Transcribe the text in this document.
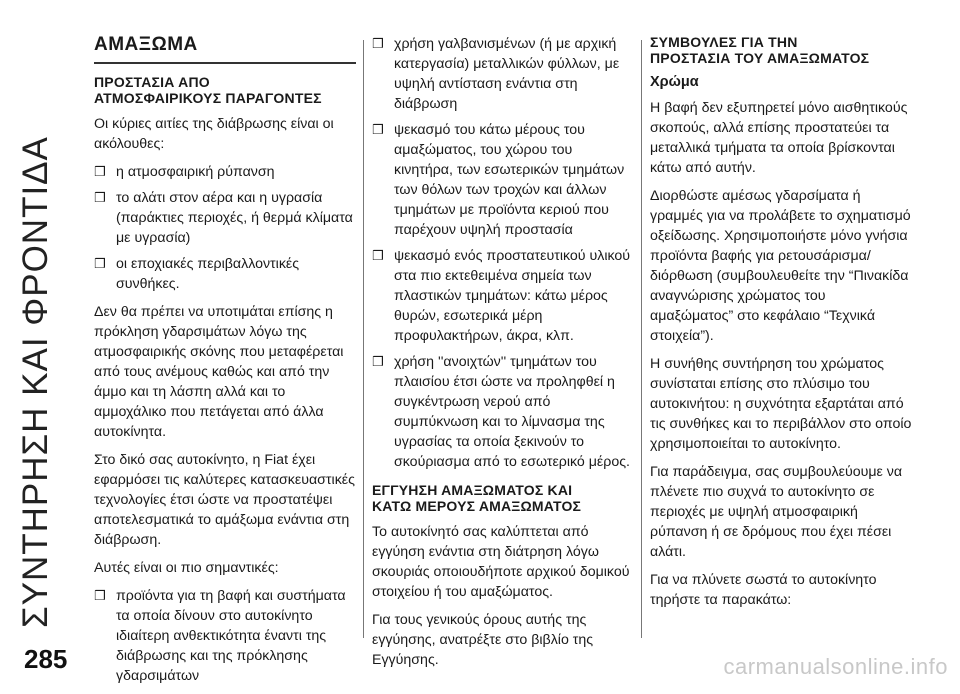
ΣΥΝΤΗΡΗΣΗ ΚΑΙ ΦΡΟΝΤΙΔΑ
285	carmanualsonline.info
ΑΜΑΞΩΜΑ
ΠΡΟΣΤΑΣΙΑ ΑΠΟ
ΑΤΜΟΣΦΑΙΡΙΚΟΥΣ ΠΑΡΑΓΟΝΤΕΣ

Οι κύριες αιτίες της διάβρωσης είναι οι ακόλουθες:

❒ η ατμοσφαιρική ρύπανση
❒ το αλάτι στον αέρα και η υγρασία (παράκτιες περιοχές, ή θερμά κλίματα με υγρασία)
❒ οι εποχιακές περιβαλλοντικές συνθήκες.

Δεν θα πρέπει να υποτιμάται επίσης η πρόκληση γδαρσιμάτων λόγω της ατμοσφαιρικής σκόνης που μεταφέρεται από τους ανέμους καθώς και από την άμμο και τη λάσπη αλλά και το αμμοχάλικο που πετάγεται από άλλα αυτοκίνητα.

Στο δικό σας αυτοκίνητο, η Fiat έχει εφαρμόσει τις καλύτερες κατασκευαστικές τεχνολογίες έτσι ώστε να προστατέψει αποτελεσματικά το αμάξωμα ενάντια στη διάβρωση.

Αυτές είναι οι πιο σημαντικές:

❒ προϊόντα για τη βαφή και συστήματα τα οποία δίνουν στο αυτοκίνητο ιδιαίτερη ανθεκτικότητα έναντι της διάβρωσης και της πρόκλησης γδαρσιμάτων
❒ χρήση γαλβανισμένων (ή με αρχική κατεργασία) μεταλλικών φύλλων, με υψηλή αντίσταση ενάντια στη διάβρωση
❒ ψεκασμό του κάτω μέρους του αμαξώματος, του χώρου του κινητήρα, των εσωτερικών τμημάτων των θόλων των τροχών και άλλων τμημάτων με προϊόντα κεριού που παρέχουν υψηλή προστασία
❒ ψεκασμό ενός προστατευτικού υλικού στα πιο εκτεθειμένα σημεία των πλαστικών τμημάτων: κάτω μέρος θυρών, εσωτερικά μέρη προφυλακτήρων, άκρα, κλπ.
❒ χρήση ''ανοιχτών'' τμημάτων του πλαισίου έτσι ώστε να προληφθεί η συγκέντρωση νερού από συμπύκνωση και το λίμνασμα της υγρασίας τα οποία ξεκινούν το σκούριασμα από το εσωτερικό μέρος.
ΕΓΓΥΗΣΗ ΑΜΑΞΩΜΑΤΟΣ ΚΑΙ
ΚΑΤΩ ΜΕΡΟΥΣ ΑΜΑΞΩΜΑΤΟΣ

Το αυτοκίνητό σας καλύπτεται από εγγύηση ενάντια στη διάτρηση λόγω σκουριάς οποιουδήποτε αρχικού δομικού στοιχείου ή του αμαξώματος.

Για τους γενικούς όρους αυτής της εγγύησης, ανατρέξτε στο βιβλίο της Εγγύησης.

ΣΥΜΒΟΥΛΕΣ ΓΙΑ ΤΗΝ
ΠΡΟΣΤΑΣΙΑ ΤΟΥ ΑΜΑΞΩΜΑΤΟΣ
Χρώμα

Η βαφή δεν εξυπηρετεί μόνο αισθητικούς σκοπούς, αλλά επίσης προστατεύει τα μεταλλικά τμήματα τα οποία βρίσκονται κάτω από αυτήν.

Διορθώστε αμέσως γδαρσίματα ή γραμμές για να προλάβετε το σχηματισμό οξείδωσης. Χρησιμοποιήστε μόνο γνήσια προϊόντα βαφής για ρετουσάρισμα/διόρθωση (συμβουλευθείτε την “Πινακίδα αναγνώρισης χρώματος του αμαξώματος” στο κεφάλαιο “Τεχνικά στοιχεία”).

Η συνήθης συντήρηση του χρώματος συνίσταται επίσης στο πλύσιμο του αυτοκινήτου: η συχνότητα εξαρτάται από τις συνθήκες και το περιβάλλον στο οποίο χρησιμοποιείται το αυτοκίνητο.

Για παράδειγμα, σας συμβουλεύουμε να πλένετε πιο συχνά το αυτοκίνητο σε περιοχές με υψηλή ατμοσφαιρική ρύπανση ή σε δρόμους που έχει πέσει αλάτι.

Για να πλύνετε σωστά το αυτοκίνητο τηρήστε τα παρακάτω:
